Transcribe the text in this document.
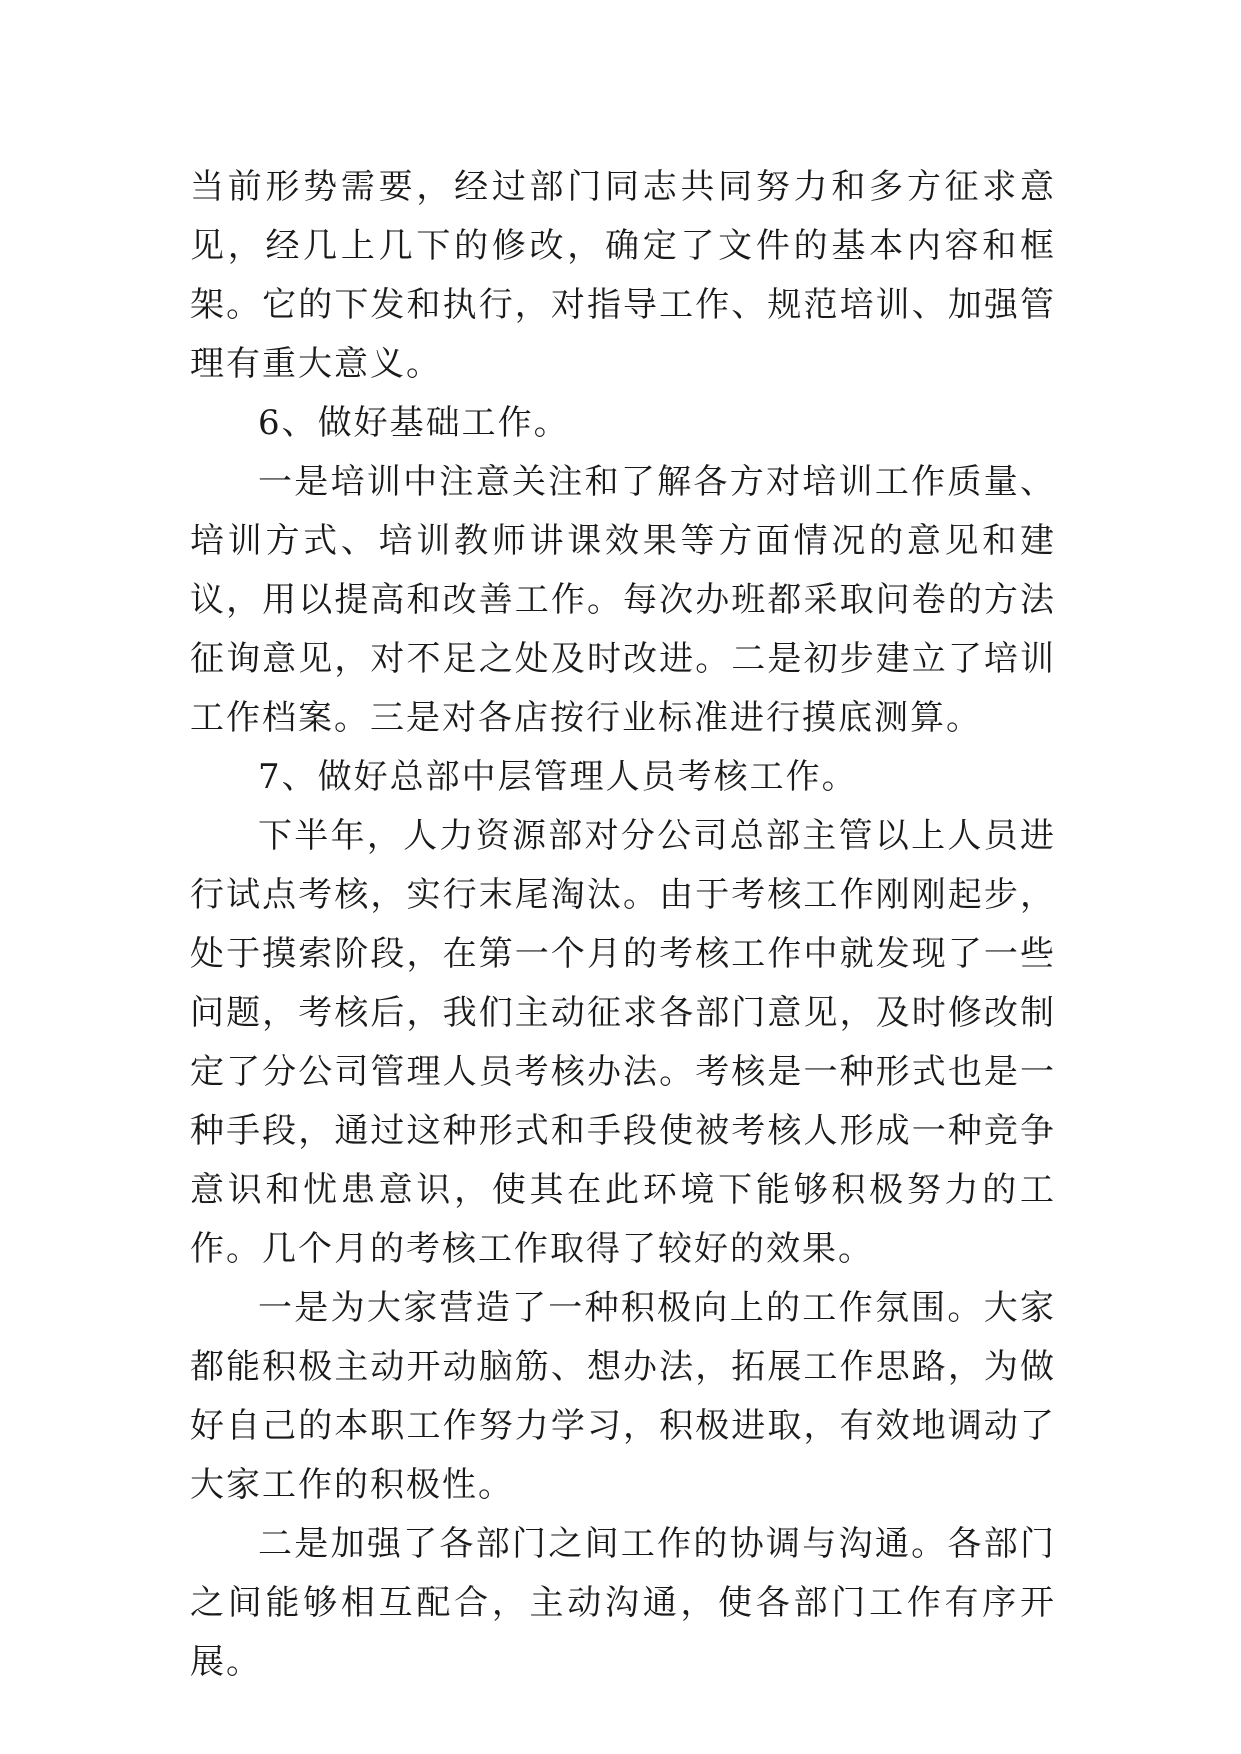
当前形势需要，经过部门同志共同努力和多方征求意见，经几上几下的修改，确定了文件的基本内容和框架。它的下发和执行，对指导工作、规范培训、加强管理有重大意义。

6、做好基础工作。

一是培训中注意关注和了解各方对培训工作质量、培训方式、培训教师讲课效果等方面情况的意见和建议，用以提高和改善工作。每次办班都采取问卷的方法征询意见，对不足之处及时改进。二是初步建立了培训工作档案。三是对各店按行业标准进行摸底测算。

7、做好总部中层管理人员考核工作。

下半年，人力资源部对分公司总部主管以上人员进行试点考核，实行末尾淘汰。由于考核工作刚刚起步，处于摸索阶段，在第一个月的考核工作中就发现了一些问题，考核后，我们主动征求各部门意见，及时修改制定了分公司管理人员考核办法。考核是一种形式也是一种手段，通过这种形式和手段使被考核人形成一种竞争意识和忧患意识，使其在此环境下能够积极努力的工作。几个月的考核工作取得了较好的效果。

一是为大家营造了一种积极向上的工作氛围。大家都能积极主动开动脑筋、想办法，拓展工作思路，为做好自己的本职工作努力学习，积极进取，有效地调动了大家工作的积极性。

二是加强了各部门之间工作的协调与沟通。各部门之间能够相互配合，主动沟通，使各部门工作有序开展。
